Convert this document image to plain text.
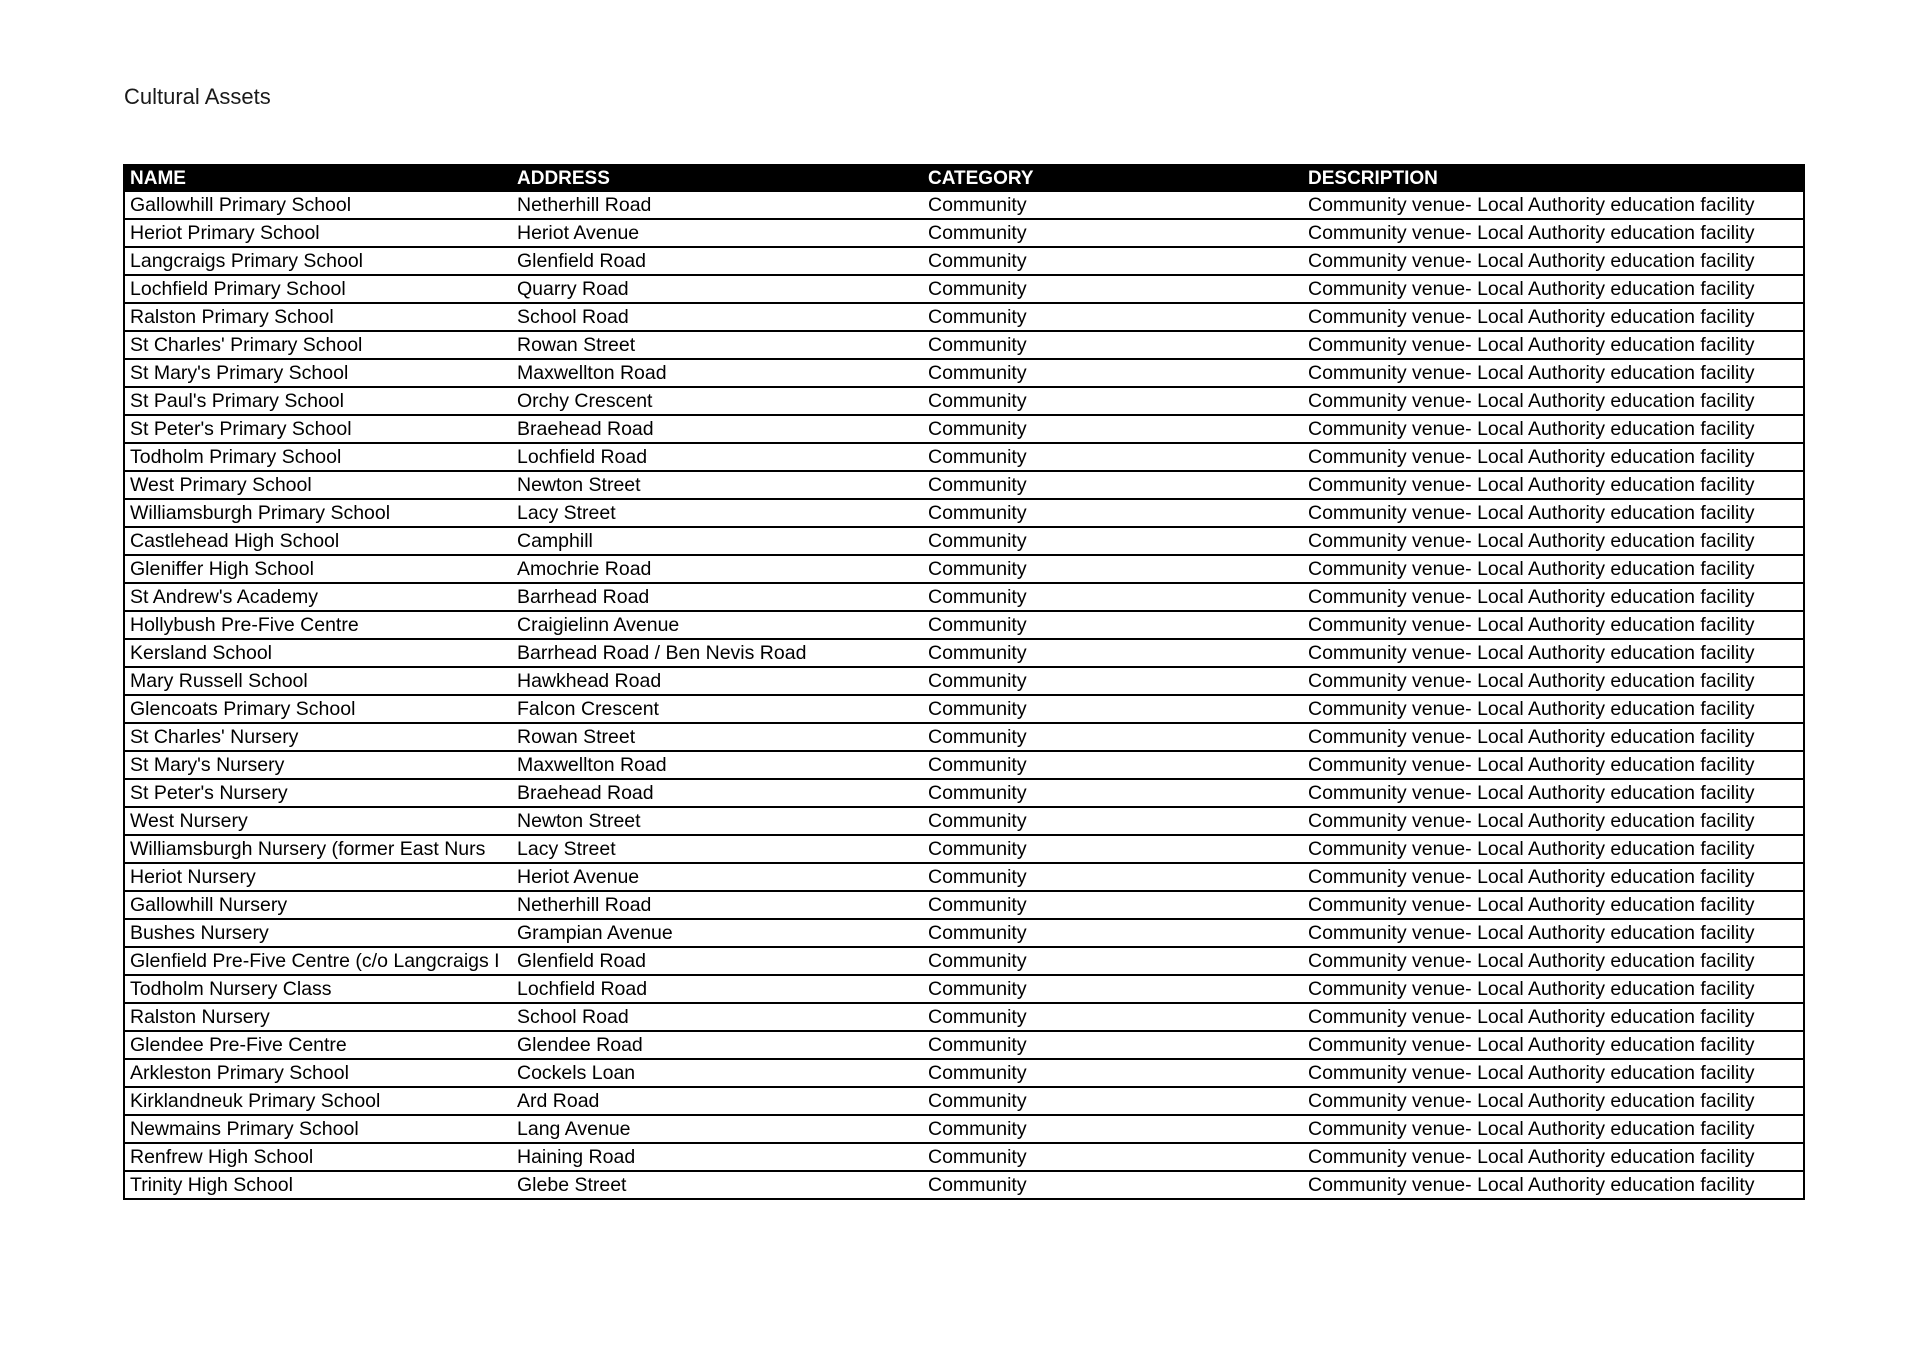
Cultural Assets
NAME	ADDRESS	CATEGORY	DESCRIPTION
Gallowhill Primary School	Netherhill Road	Community	Community venue- Local Authority education facility
Heriot Primary School	Heriot Avenue	Community	Community venue- Local Authority education facility
Langcraigs Primary School	Glenfield Road	Community	Community venue- Local Authority education facility
Lochfield Primary School	Quarry Road	Community	Community venue- Local Authority education facility
Ralston Primary School	School Road	Community	Community venue- Local Authority education facility
St Charles' Primary School	Rowan Street	Community	Community venue- Local Authority education facility
St Mary's Primary School	Maxwellton Road	Community	Community venue- Local Authority education facility
St Paul's Primary School	Orchy Crescent	Community	Community venue- Local Authority education facility
St Peter's Primary School	Braehead Road	Community	Community venue- Local Authority education facility
Todholm Primary School	Lochfield Road	Community	Community venue- Local Authority education facility
West Primary School	Newton Street	Community	Community venue- Local Authority education facility
Williamsburgh Primary School	Lacy Street	Community	Community venue- Local Authority education facility
Castlehead High School	Camphill	Community	Community venue- Local Authority education facility
Gleniffer High School	Amochrie Road	Community	Community venue- Local Authority education facility
St Andrew's Academy	Barrhead Road	Community	Community venue- Local Authority education facility
Hollybush Pre-Five Centre	Craigielinn Avenue	Community	Community venue- Local Authority education facility
Kersland School	Barrhead Road / Ben Nevis Road	Community	Community venue- Local Authority education facility
Mary Russell School	Hawkhead Road	Community	Community venue- Local Authority education facility
Glencoats Primary School	Falcon Crescent	Community	Community venue- Local Authority education facility
St Charles' Nursery	Rowan Street	Community	Community venue- Local Authority education facility
St Mary's Nursery	Maxwellton Road	Community	Community venue- Local Authority education facility
St Peter's Nursery	Braehead Road	Community	Community venue- Local Authority education facility
West Nursery	Newton Street	Community	Community venue- Local Authority education facility
Williamsburgh Nursery (former East Nurs	Lacy Street	Community	Community venue- Local Authority education facility
Heriot Nursery	Heriot Avenue	Community	Community venue- Local Authority education facility
Gallowhill Nursery	Netherhill Road	Community	Community venue- Local Authority education facility
Bushes Nursery	Grampian Avenue	Community	Community venue- Local Authority education facility
Glenfield Pre-Five Centre (c/o Langcraigs I	Glenfield Road	Community	Community venue- Local Authority education facility
Todholm Nursery Class	Lochfield Road	Community	Community venue- Local Authority education facility
Ralston Nursery	School Road	Community	Community venue- Local Authority education facility
Glendee Pre-Five Centre	Glendee Road	Community	Community venue- Local Authority education facility
Arkleston Primary School	Cockels Loan	Community	Community venue- Local Authority education facility
Kirklandneuk Primary School	Ard Road	Community	Community venue- Local Authority education facility
Newmains Primary School	Lang Avenue	Community	Community venue- Local Authority education facility
Renfrew High School	Haining Road	Community	Community venue- Local Authority education facility
Trinity High School	Glebe Street	Community	Community venue- Local Authority education facility
